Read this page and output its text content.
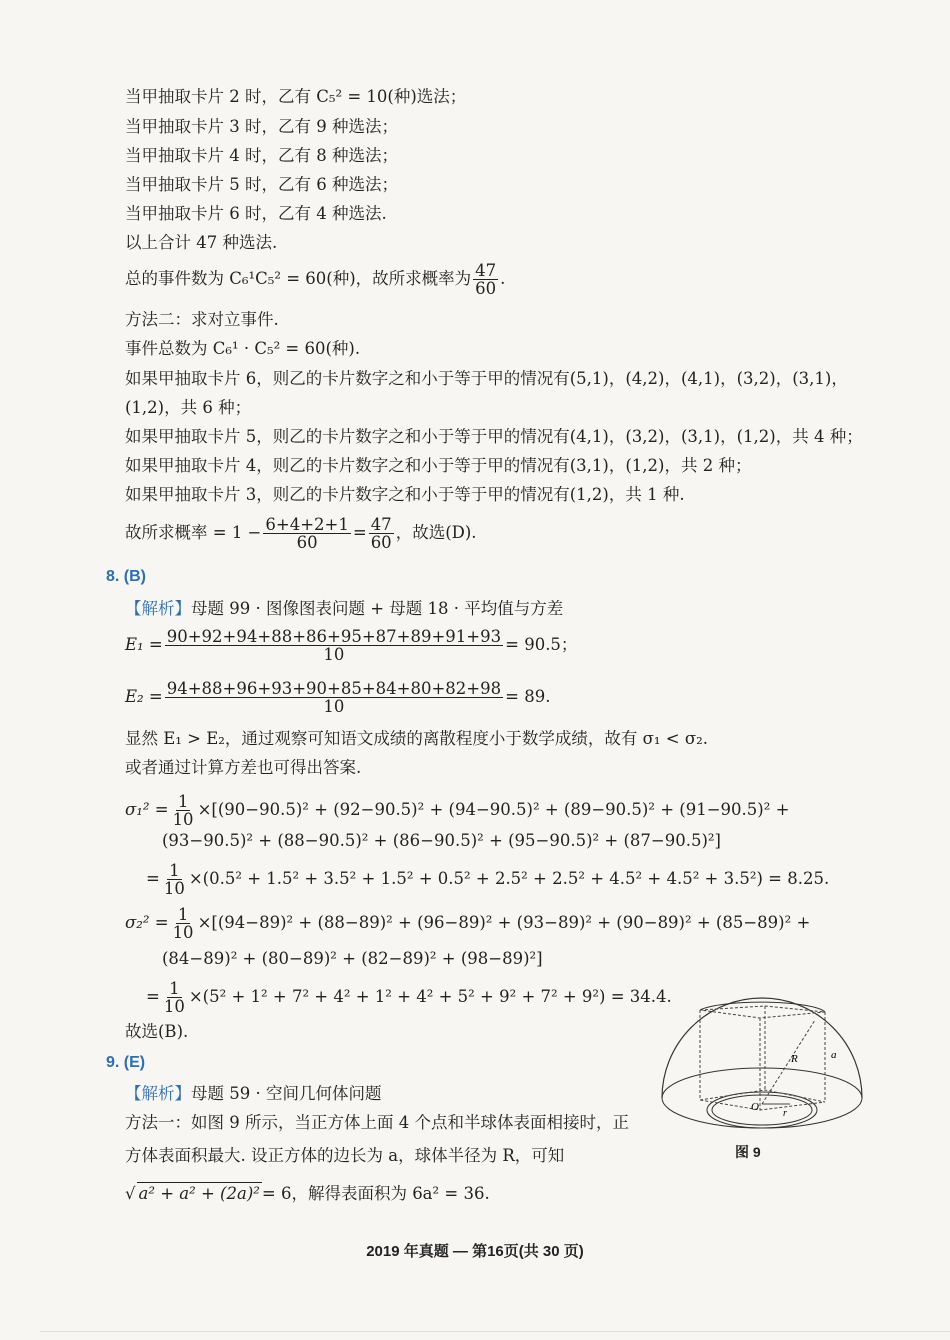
当甲抽取卡片 2 时，乙有 C₅² = 10(种)选法；
当甲抽取卡片 3 时，乙有 9 种选法；
当甲抽取卡片 4 时，乙有 8 种选法；
当甲抽取卡片 5 时，乙有 6 种选法；
当甲抽取卡片 6 时，乙有 4 种选法.
以上合计 47 种选法.
总的事件数为 C₆¹C₅² = 60(种)，故所求概率为 $\frac{47}{60}$ .
方法二：求对立事件.
事件总数为 C₆¹ · C₅² = 60(种).
如果甲抽取卡片 6，则乙的卡片数字之和小于等于甲的情况有(5,1)，(4,2)，(4,1)，(3,2)，(3,1)，
(1,2)，共 6 种；
如果甲抽取卡片 5，则乙的卡片数字之和小于等于甲的情况有(4,1)，(3,2)，(3,1)，(1,2)，共 4 种；
如果甲抽取卡片 4，则乙的卡片数字之和小于等于甲的情况有(3,1)，(1,2)，共 2 种；
如果甲抽取卡片 3，则乙的卡片数字之和小于等于甲的情况有(1,2)，共 1 种.
故所求概率 = $1 - \frac{6+4+2+1}{60} = \frac{47}{60}$ ，故选(D).
8. (B)
【解析】母题 99 · 图像图表问题 + 母题 18 · 平均值与方差
$E_1 = \frac{90+92+94+88+86+95+87+89+91+93}{10} = 90.5$；
$E_2 = \frac{94+88+96+93+90+85+84+80+82+98}{10} = 89$.
显然 E₁ > E₂，通过观察可知语文成绩的离散程度小于数学成绩，故有 σ₁ < σ₂.
或者通过计算方差也可得出答案.
$\sigma_1^2 = \frac{1}{10} \times[(90-90.5)^2 + (92-90.5)^2 + (94-90.5)^2 + (89-90.5)^2 + (91-90.5)^2$ +
(93−90.5)² + (88−90.5)² + (86−90.5)² + (95−90.5)² + (87−90.5)²]
= $\frac{1}{10} \times(0.5^2 + 1.5^2 + 3.5^2 + 1.5^2 + 0.5^2 + 2.5^2 + 2.5^2 + 4.5^2 + 4.5^2 + 3.5^2) = 8.25$.
$\sigma_2^2 = \frac{1}{10} \times[(94-89)^2 + (88-89)^2 + (96-89)^2 + (93-89)^2 + (90-89)^2 + (85-89)^2$ +
(84−89)² + (80−89)² + (82−89)² + (98−89)²]
= $\frac{1}{10} \times(5^2 + 1^2 + 7^2 + 4^2 + 1^2 + 4^2 + 5^2 + 9^2 + 7^2 + 9^2) = 34.4$.
故选(B).
9. (E)
【解析】母题 59 · 空间几何体问题
方法一：如图 9 所示，当正方体上面 4 个点和半球体表面相接时，正
方体表面积最大. 设正方体的边长为 a，球体半径为 R，可知
√ a² + a² + (2a)² = 6，解得表面积为 6a² = 36.
R	a
O
r
图 9
2019 年真题 — 第16页(共 30 页)
